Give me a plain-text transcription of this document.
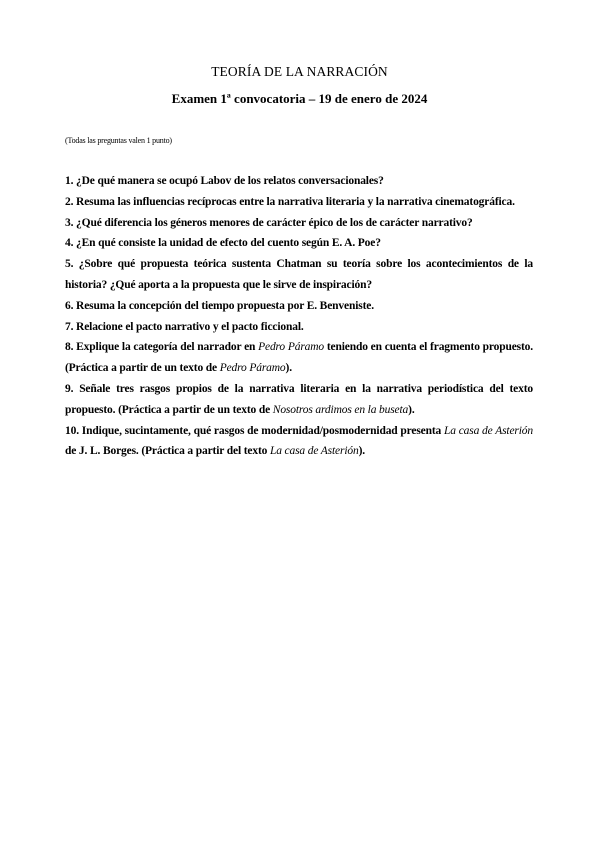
TEORÍA DE LA NARRACIÓN
Examen 1ª convocatoria – 19 de enero de 2024
(Todas las preguntas valen 1 punto)
1. ¿De qué manera se ocupó Labov de los relatos conversacionales?
2. Resuma las influencias recíprocas entre la narrativa literaria y la narrativa cinematográfica.
3. ¿Qué diferencia los géneros menores de carácter épico de los de carácter narrativo?
4. ¿En qué consiste la unidad de efecto del cuento según E. A. Poe?
5. ¿Sobre qué propuesta teórica sustenta Chatman su teoría sobre los acontecimientos de la historia? ¿Qué aporta a la propuesta que le sirve de inspiración?
6. Resuma la concepción del tiempo propuesta por E. Benveniste.
7. Relacione el pacto narrativo y el pacto ficcional.
8. Explique la categoría del narrador en Pedro Páramo teniendo en cuenta el fragmento propuesto. (Práctica a partir de un texto de Pedro Páramo).
9. Señale tres rasgos propios de la narrativa literaria en la narrativa periodística del texto propuesto. (Práctica a partir de un texto de Nosotros ardimos en la buseta).
10. Indique, sucintamente, qué rasgos de modernidad/posmodernidad presenta La casa de Asterión de J. L. Borges. (Práctica a partir del texto La casa de Asterión).
